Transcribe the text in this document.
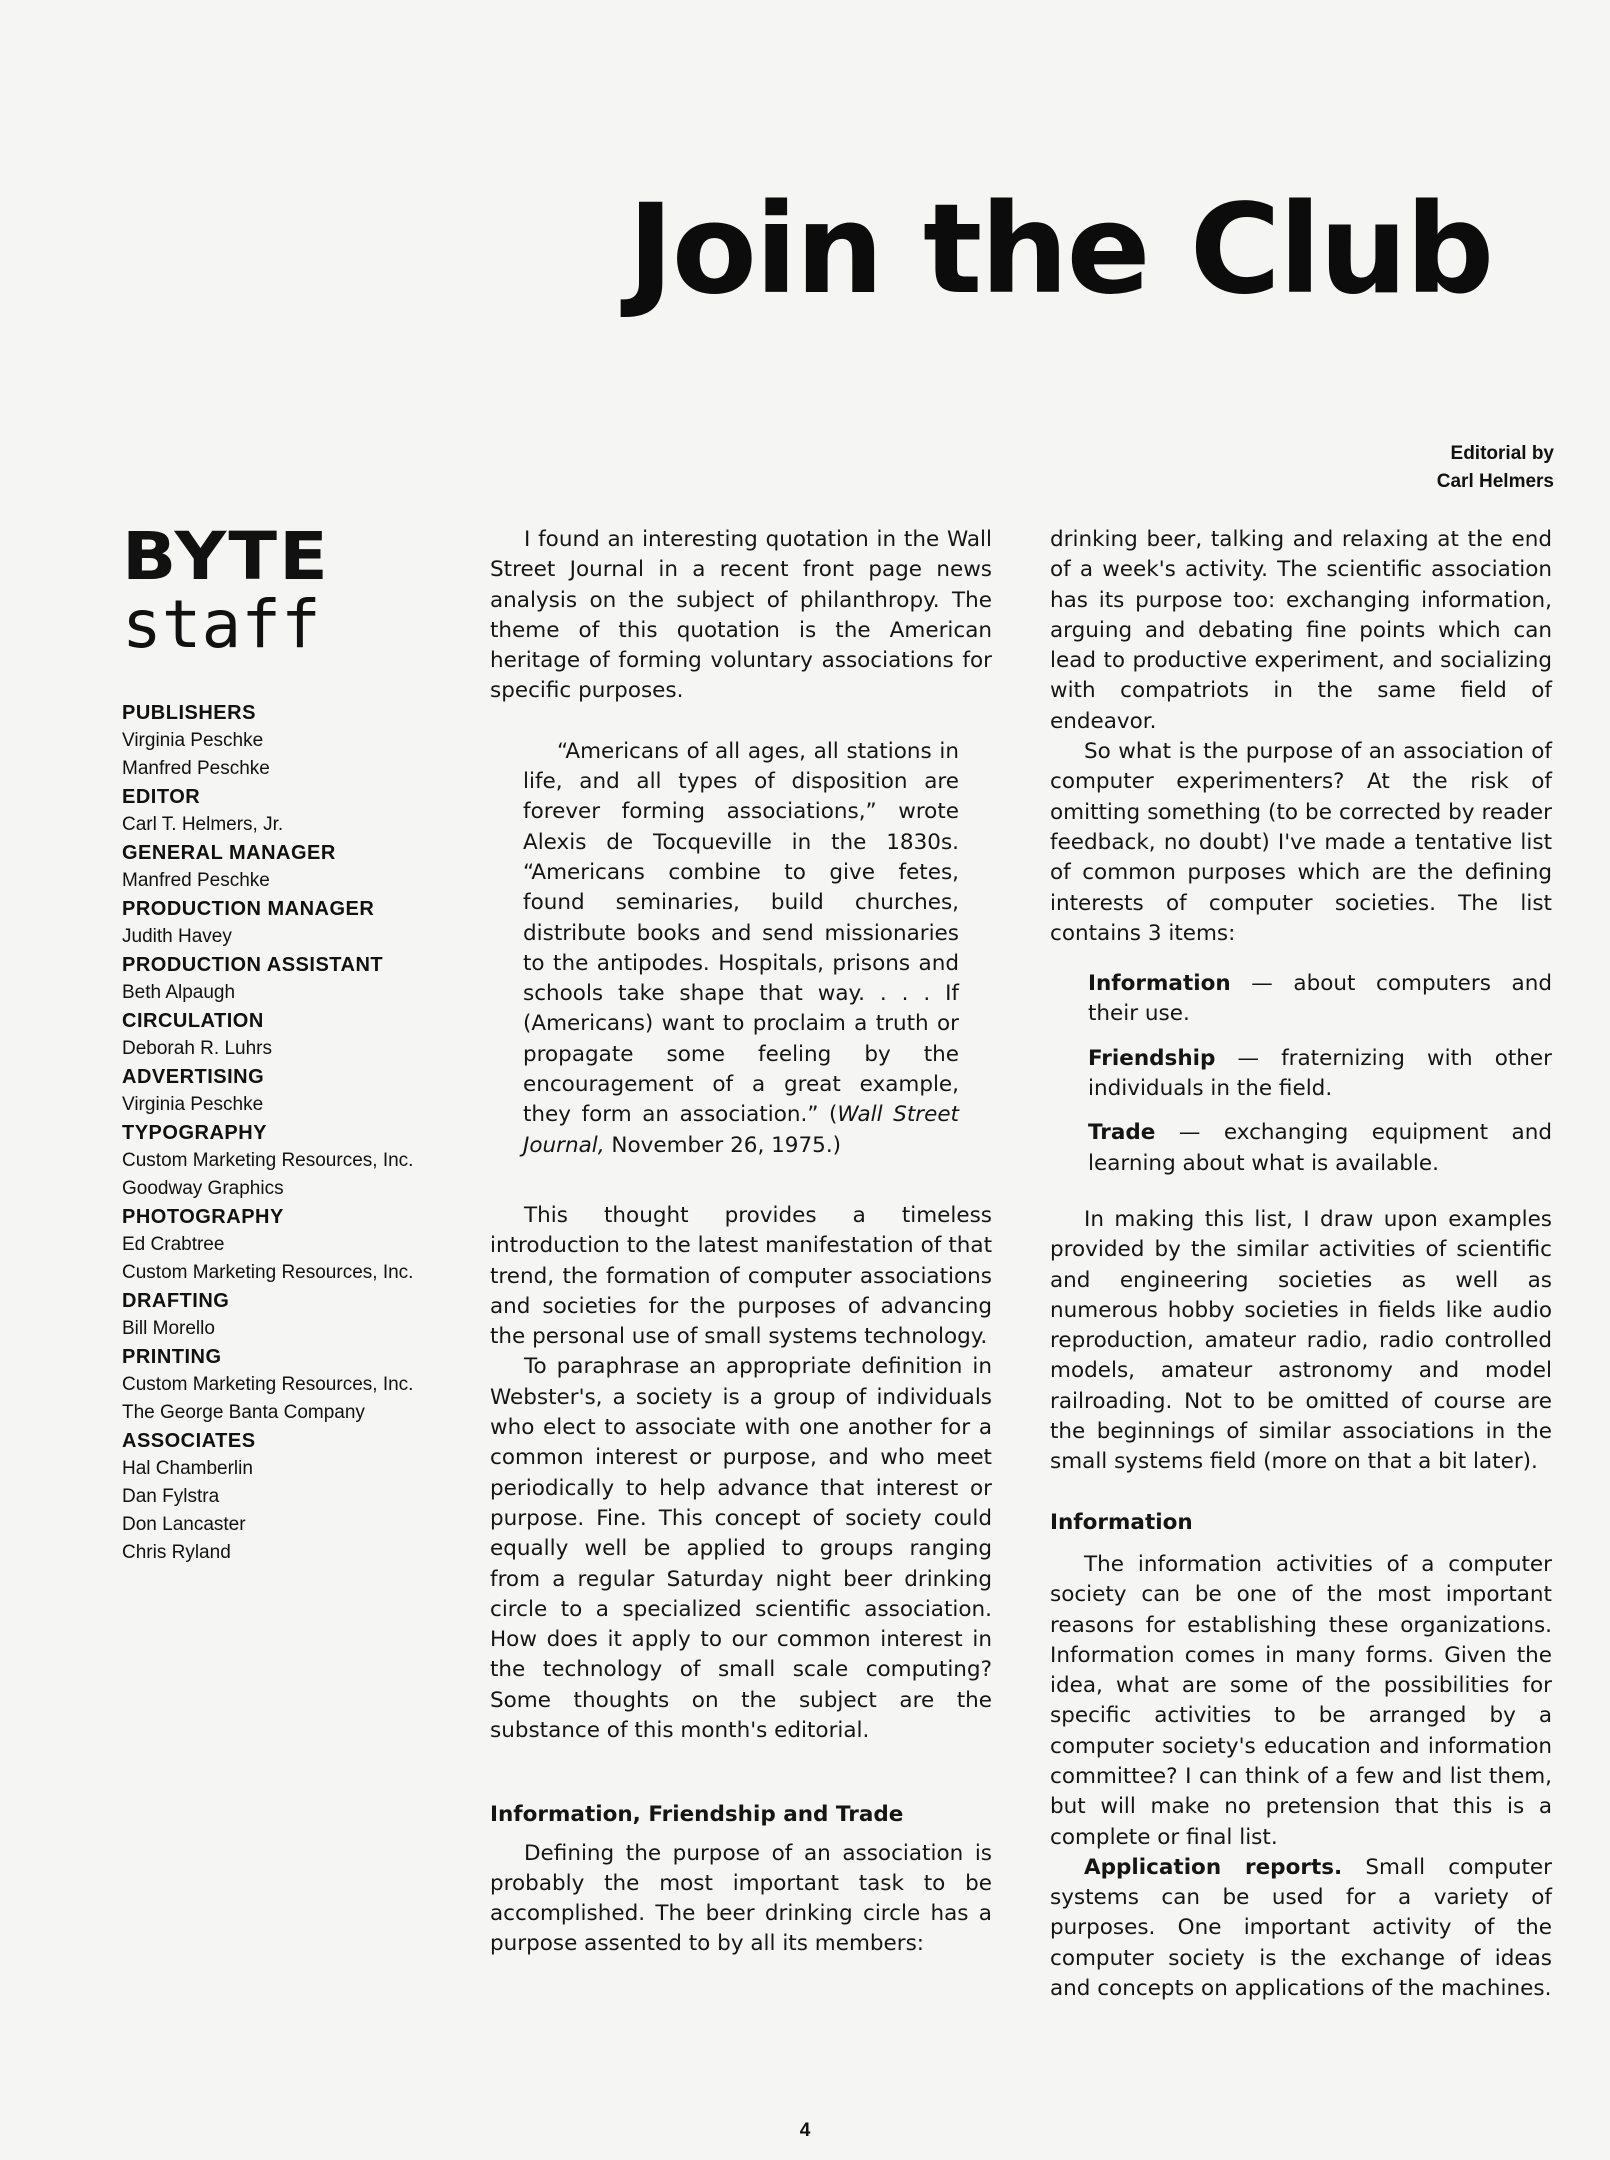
Join the Club
Editorial by
Carl Helmers
BYTE
staff
PUBLISHERS
Virginia Peschke
Manfred Peschke
EDITOR
Carl T. Helmers, Jr.
GENERAL MANAGER
Manfred Peschke
PRODUCTION MANAGER
Judith Havey
PRODUCTION ASSISTANT
Beth Alpaugh
CIRCULATION
Deborah R. Luhrs
ADVERTISING
Virginia Peschke
TYPOGRAPHY
Custom Marketing Resources, Inc.
Goodway Graphics
PHOTOGRAPHY
Ed Crabtree
Custom Marketing Resources, Inc.
DRAFTING
Bill Morello
PRINTING
Custom Marketing Resources, Inc.
The George Banta Company
ASSOCIATES
Hal Chamberlin
Dan Fylstra
Don Lancaster
Chris Ryland

I found an interesting quotation in the Wall Street Journal in a recent front page news analysis on the subject of philanthropy. The theme of this quotation is the American heritage of forming voluntary associations for specific purposes.

“Americans of all ages, all stations in life, and all types of disposition are forever forming associations,” wrote Alexis de Tocqueville in the 1830s. “Americans combine to give fetes, found seminaries, build churches, distribute books and send missionaries to the antipodes. Hospitals, prisons and schools take shape that way. . . . If (Americans) want to proclaim a truth or propagate some feeling by the encouragement of a great example, they form an association.” (Wall Street Journal, November 26, 1975.)

This thought provides a timeless introduction to the latest manifestation of that trend, the formation of computer associations and societies for the purposes of advancing the personal use of small systems technology.

To paraphrase an appropriate definition in Webster's, a society is a group of individuals who elect to associate with one another for a common interest or purpose, and who meet periodically to help advance that interest or purpose. Fine. This concept of society could equally well be applied to groups ranging from a regular Saturday night beer drinking circle to a specialized scientific association. How does it apply to our common interest in the technology of small scale computing? Some thoughts on the subject are the substance of this month's editorial.

Information, Friendship and Trade

Defining the purpose of an association is probably the most important task to be accomplished. The beer drinking circle has a purpose assented to by all its members:

drinking beer, talking and relaxing at the end of a week's activity. The scientific association has its purpose too: exchanging information, arguing and debating fine points which can lead to productive experiment, and socializing with compatriots in the same field of endeavor.

So what is the purpose of an association of computer experimenters? At the risk of omitting something (to be corrected by reader feedback, no doubt) I've made a tentative list of common purposes which are the defining interests of computer societies. The list contains 3 items:

Information — about computers and their use.

Friendship — fraternizing with other individuals in the field.

Trade — exchanging equipment and learning about what is available.

In making this list, I draw upon examples provided by the similar activities of scientific and engineering societies as well as numerous hobby societies in fields like audio reproduction, amateur radio, radio controlled models, amateur astronomy and model railroading. Not to be omitted of course are the beginnings of similar associations in the small systems field (more on that a bit later).

Information

The information activities of a computer society can be one of the most important reasons for establishing these organizations. Information comes in many forms. Given the idea, what are some of the possibilities for specific activities to be arranged by a computer society's education and information committee? I can think of a few and list them, but will make no pretension that this is a complete or final list.

Application reports. Small computer systems can be used for a variety of purposes. One important activity of the computer society is the exchange of ideas and concepts on applications of the machines.

4
